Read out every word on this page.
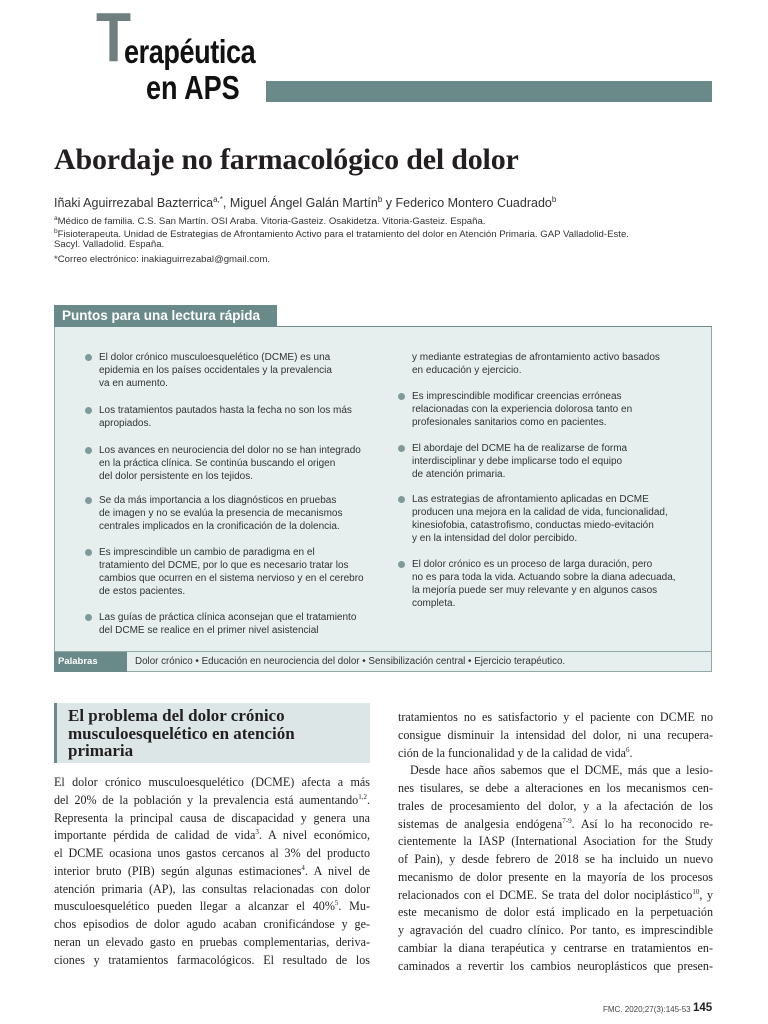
T
erapéutica
en APS
Abordaje no farmacológico del dolor
Iñaki Aguirrezabal Bazterrica$^{a,*}$, Miguel Ángel Galán Martín$^b$ y Federico Montero Cuadrado$^b$
$^a$Médico de familia. C.S. San Martín. OSI Araba. Vitoria-Gasteiz. Osakidetza. Vitoria-Gasteiz. España.
$^b$Fisioterapeuta. Unidad de Estrategias de Afrontamiento Activo para el tratamiento del dolor en Atención Primaria. GAP Valladolid-Este.
Sacyl. Valladolid. España.
*Correo electrónico: inakiaguirrezabal@gmail.com.
Puntos para una lectura rápida
El dolor crónico musculoesquelético (DCME) es una
epidemia en los países occidentales y la prevalencia
va en aumento.
Los tratamientos pautados hasta la fecha no son los más
apropiados.
Los avances en neurociencia del dolor no se han integrado
en la práctica clínica. Se continúa buscando el origen
del dolor persistente en los tejidos.
Se da más importancia a los diagnósticos en pruebas
de imagen y no se evalúa la presencia de mecanismos
centrales implicados en la cronificación de la dolencia.
Es imprescindible un cambio de paradigma en el
tratamiento del DCME, por lo que es necesario tratar los
cambios que ocurren en el sistema nervioso y en el cerebro
de estos pacientes.
Las guías de práctica clínica aconsejan que el tratamiento
del DCME se realice en el primer nivel asistencial
y mediante estrategias de afrontamiento activo basados
en educación y ejercicio.
Es imprescindible modificar creencias erróneas
relacionadas con la experiencia dolorosa tanto en
profesionales sanitarios como en pacientes.
El abordaje del DCME ha de realizarse de forma
interdisciplinar y debe implicarse todo el equipo
de atención primaria.
Las estrategias de afrontamiento aplicadas en DCME
producen una mejora en la calidad de vida, funcionalidad,
kinesiofobia, catastrofismo, conductas miedo-evitación
y en la intensidad del dolor percibido.
El dolor crónico es un proceso de larga duración, pero
no es para toda la vida. Actuando sobre la diana adecuada,
la mejoría puede ser muy relevante y en algunos casos
completa.
Palabras clave:
Dolor crónico • Educación en neurociencia del dolor • Sensibilización central • Ejercicio terapéutico.
El problema del dolor crónico
musculoesquelético en atención
primaria
El dolor crónico musculoesquelético (DCME) afecta a más
del 20% de la población y la prevalencia está aumentando$^{1,2}$.
Representa la principal causa de discapacidad y genera una
importante pérdida de calidad de vida$^3$. A nivel económico,
el DCME ocasiona unos gastos cercanos al 3% del producto
interior bruto (PIB) según algunas estimaciones$^4$. A nivel de
atención primaria (AP), las consultas relacionadas con dolor
musculoesquelético pueden llegar a alcanzar el 40%$^5$. Mu-
chos episodios de dolor agudo acaban cronificándose y ge-
neran un elevado gasto en pruebas complementarias, deriva-
ciones y tratamientos farmacológicos. El resultado de los
tratamientos no es satisfactorio y el paciente con DCME no
consigue disminuir la intensidad del dolor, ni una recupera-
ción de la funcionalidad y de la calidad de vida$^6$.
Desde hace años sabemos que el DCME, más que a lesio-
nes tisulares, se debe a alteraciones en los mecanismos cen-
trales de procesamiento del dolor, y a la afectación de los
sistemas de analgesia endógena$^{7-9}$. Así lo ha reconocido re-
cientemente la IASP (International Asociation for the Study
of Pain), y desde febrero de 2018 se ha incluido un nuevo
mecanismo de dolor presente en la mayoría de los procesos
relacionados con el DCME. Se trata del dolor nociplástico$^{10}$, y
este mecanismo de dolor está implicado en la perpetuación
y agravación del cuadro clínico. Por tanto, es imprescindible
cambiar la diana terapéutica y centrarse en tratamientos en-
caminados a revertir los cambios neuroplásticos que presen-
FMC. 2020;27(3):145-53 145
